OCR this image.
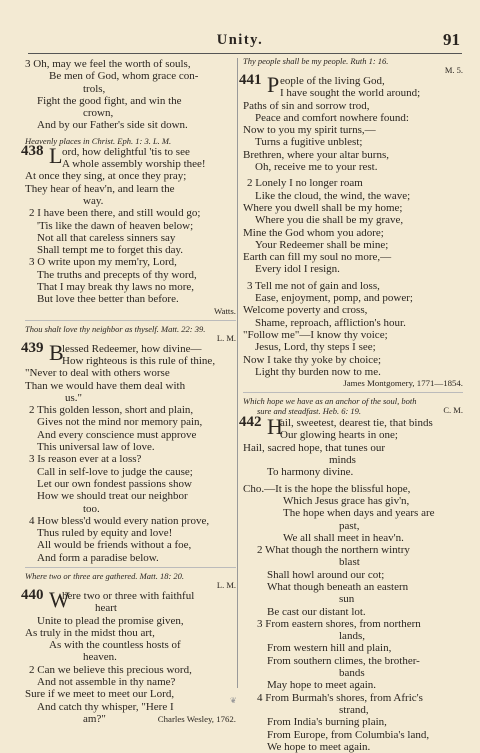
Unity.	91
3 Oh, may we feel the worth of souls,
Be men of God, whom grace con-
trols,
Fight the good fight, and win the
crown,
And by our Father's side sit down.
Heavenly places in Christ. Eph. 1: 3. L. M.
438 L ord, how delightful 'tis to see
A whole assembly worship thee!
At once they sing, at once they pray;
They hear of heav'n, and learn the
way.
2 I have been there, and still would go;
'Tis like the dawn of heaven below;
Not all that careless sinners say
Shall tempt me to forget this day.
3 O write upon my mem'ry, Lord,
The truths and precepts of thy word,
That I may break thy laws no more,
But love thee better than before.
Watts.
Thou shalt love thy neighbor as thyself. Matt. 22: 39.
L. M.
439 B
lessed Redeemer, how divine—
How righteous is this rule of thine,
"Never to deal with others worse
Than we would have them deal with
us."
2 This golden lesson, short and plain,
Gives not the mind nor memory pain,
And every conscience must approve
This universal law of love.
3 Is reason ever at a loss?
Call in self-love to judge the cause;
Let our own fondest passions show
How we should treat our neighbor
too.
4 How bless'd would every nation prove,
Thus ruled by equity and love!
All would be friends without a foe,
And form a paradise below.
Where two or three are gathered. Matt. 18: 20.
L. M.
440 W
here two or three with faithful
heart
Unite to plead the promise given,
As truly in the midst thou art,
As with the countless hosts of
heaven.
2 Can we believe this precious word,
And not assemble in thy name?
Sure if we meet to meet our Lord,
And catch thy whisper, "Here I
am?"	Charles Wesley, 1762.
Thy people shall be my people. Ruth 1: 16.
M. 5.
441 P eople of the living God,
I have sought the world around;
Paths of sin and sorrow trod,
Peace and comfort nowhere found:
Now to you my spirit turns,—
Turns a fugitive unblest;
Brethren, where your altar burns,
Oh, receive me to your rest.
2 Lonely I no longer roam
Like the cloud, the wind, the wave;
Where you dwell shall be my home;
Where you die shall be my grave,
Mine the God whom you adore;
Your Redeemer shall be mine;
Earth can fill my soul no more,—
Every idol I resign.
3 Tell me not of gain and loss,
Ease, enjoyment, pomp, and power;
Welcome poverty and cross,
Shame, reproach, affliction's hour.
"Follow me"—I know thy voice;
Jesus, Lord, thy steps I see;
Now I take thy yoke by choice;
Light thy burden now to me.
James Montgomery, 1771—1854.
Which hope we have as an anchor of the soul, both
sure and steadfast. Heb. 6: 19.	C. M.
442 H
ail, sweetest, dearest tie, that binds
Our glowing hearts in one;
Hail, sacred hope, that tunes our
minds
To harmony divine.
Cho.—It is the hope the blissful hope,
Which Jesus grace has giv'n,
The hope when days and years are
past,
We all shall meet in heav'n.
2 What though the northern wintry
blast
Shall howl around our cot;
What though beneath an eastern
sun
Be cast our distant lot.
3 From eastern shores, from northern
lands,
From western hill and plain,
From southern climes, the brother-
bands
May hope to meet again.
4 From Burmah's shores, from Afric's
strand,
From India's burning plain,
From Europe, from Columbia's land,
We hope to meet again.
❦
